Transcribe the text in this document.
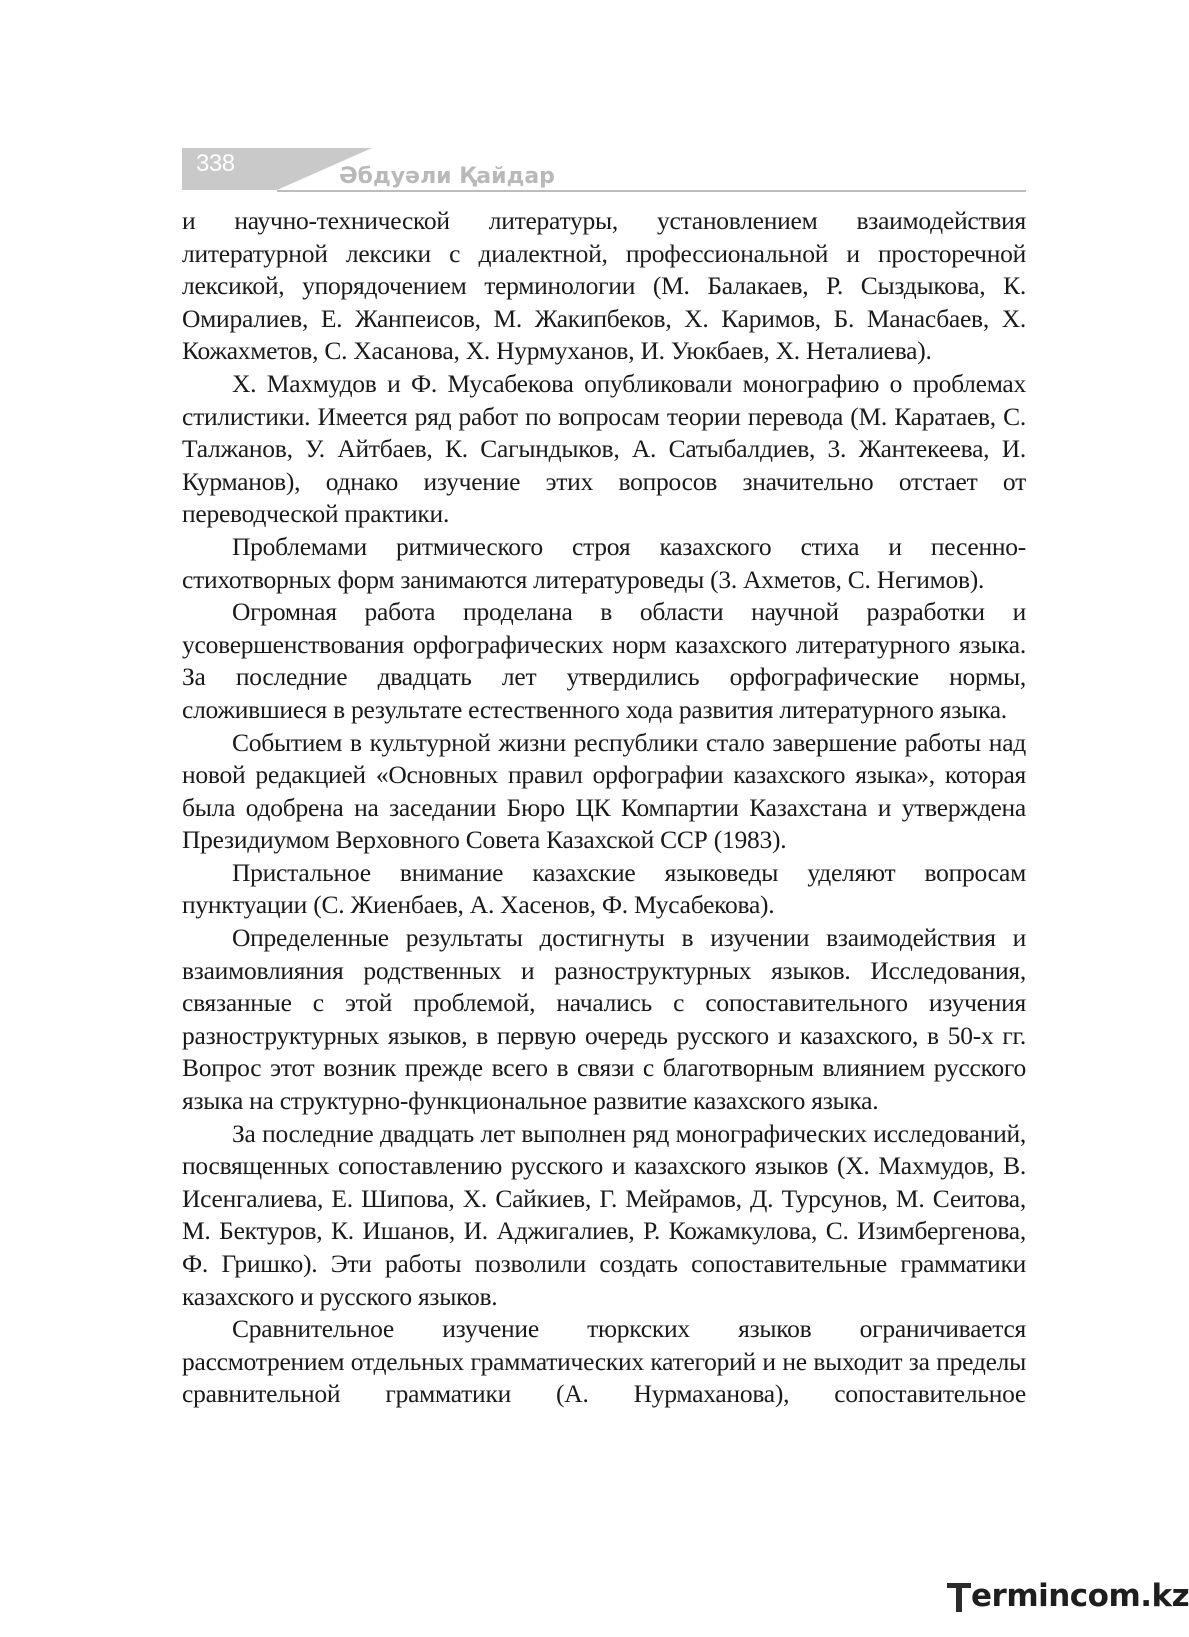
338	Әбдуәли Қайдар

и научно-технической литературы, установлением взаимодействия литературной лексики с диалектной, профессиональной и просторечной лексикой, упорядочением терминологии (М. Балакаев, Р. Сыздыкова, К. Омиралиев, Е. Жанпеисов, М. Жакипбеков, Х. Каримов, Б. Манасбаев, Х. Кожахметов, С. Хасанова, Х. Нурмуханов, И. Уюкбаев, Х. Неталиева).

Х. Махмудов и Ф. Мусабекова опубликовали монографию о проблемах стилистики. Имеется ряд работ по вопросам теории перевода (М. Каратаев, С. Талжанов, У. Айтбаев, К. Сагындыков, А. Сатыбалдиев, 3. Жантекеева, И. Курманов), однако изучение этих вопросов значительно отстает от переводческой практики.

Проблемами ритмического строя казахского стиха и песенно-стихотворных форм занимаются литературоведы (3. Ахметов, С. Негимов).

Огромная работа проделана в области научной разработки и усовершенствования орфографических норм казахского литературного языка. За последние двадцать лет утвердились орфографические нормы, сложившиеся в результате естественного хода развития литературного языка.

Событием в культурной жизни республики стало завершение работы над новой редакцией «Основных правил орфографии казахского языка», которая была одобрена на заседании Бюро ЦК Компартии Казахстана и утверждена Президиумом Верховного Совета Казахской ССР (1983).

Пристальное внимание казахские языковеды уделяют вопросам пунктуации (С. Жиенбаев, А. Хасенов, Ф. Мусабекова).

Определенные результаты достигнуты в изучении взаимодействия и взаимовлияния родственных и разноструктурных языков. Исследования, связанные с этой проблемой, начались с сопоставительного изучения разноструктурных языков, в первую очередь русского и казахского, в 50-х гг. Вопрос этот возник прежде всего в связи с благотворным влиянием русского языка на структурно-функциональное развитие казахского языка.

За последние двадцать лет выполнен ряд монографических исследований, посвященных сопоставлению русского и казахского языков (Х. Махмудов, В. Исенгалиева, Е. Шипова, Х. Сайкиев, Г. Мейрамов, Д. Турсунов, М. Сеитова, М. Бектуров, К. Ишанов, И. Аджигалиев, Р. Кожамкулова, С. Изимбергенова, Ф. Гришко). Эти работы позволили создать сопоставительные грамматики казахского и русского языков.

Сравнительное изучение тюркских языков ограничивается рассмотрением отдельных грамматических категорий и не выходит за пределы сравнительной грамматики (А. Нурмаханова), сопоставительное

ermincom.kz
